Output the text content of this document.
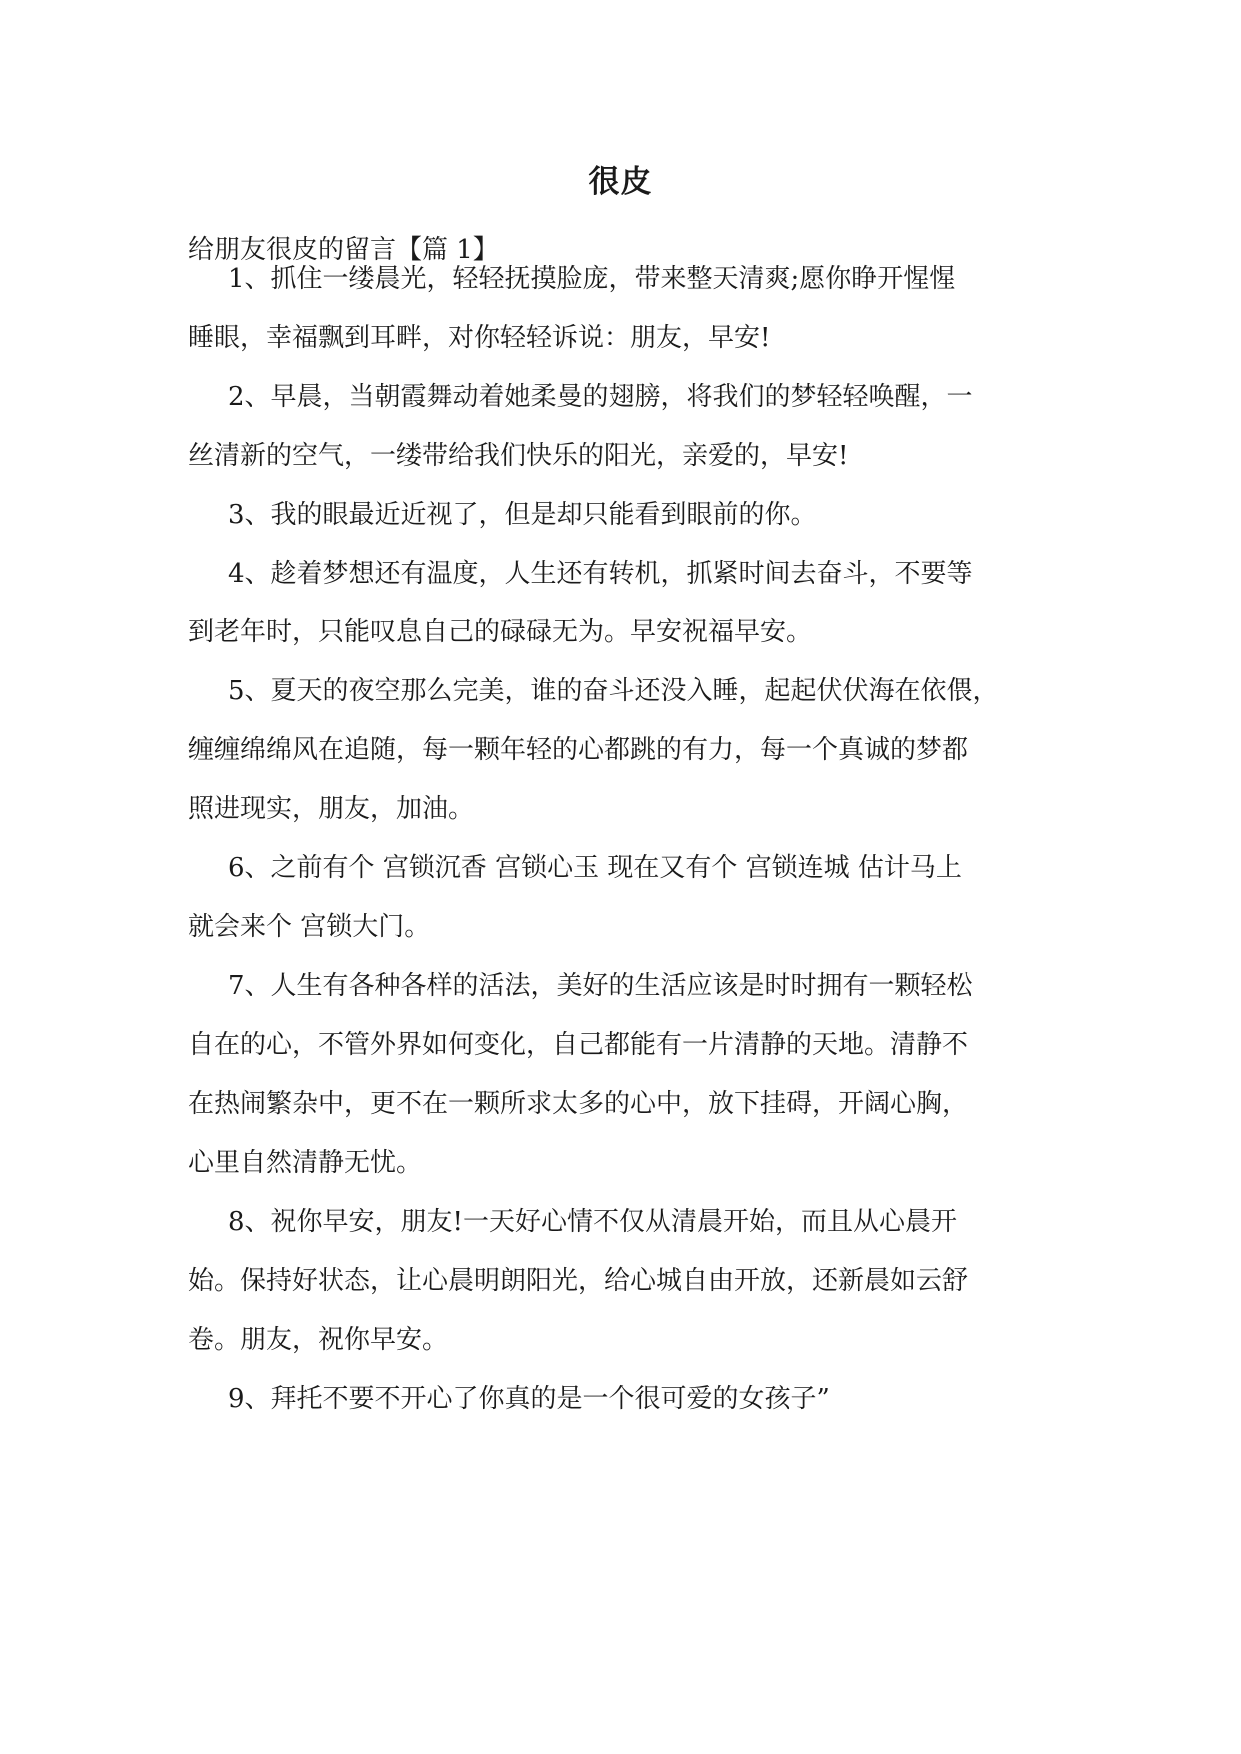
很皮
给朋友很皮的留言【篇 1】
1、抓住一缕晨光，轻轻抚摸脸庞，带来整天清爽;愿你睁开惺惺
睡眼，幸福飘到耳畔，对你轻轻诉说：朋友，早安!
2、早晨，当朝霞舞动着她柔曼的翅膀，将我们的梦轻轻唤醒，一
丝清新的空气，一缕带给我们快乐的阳光，亲爱的，早安!
3、我的眼最近近视了，但是却只能看到眼前的你。
4、趁着梦想还有温度，人生还有转机，抓紧时间去奋斗，不要等
到老年时，只能叹息自己的碌碌无为。早安祝福早安。
5、夏天的夜空那么完美，谁的奋斗还没入睡，起起伏伏海在依偎，
缠缠绵绵风在追随，每一颗年轻的心都跳的有力，每一个真诚的梦都
照进现实，朋友，加油。
6、之前有个 宫锁沉香 宫锁心玉 现在又有个 宫锁连城 估计马上
就会来个 宫锁大门。
7、人生有各种各样的活法，美好的生活应该是时时拥有一颗轻松
自在的心，不管外界如何变化，自己都能有一片清静的天地。清静不
在热闹繁杂中，更不在一颗所求太多的心中，放下挂碍，开阔心胸，
心里自然清静无忧。
8、祝你早安，朋友!一天好心情不仅从清晨开始，而且从心晨开
始。保持好状态，让心晨明朗阳光，给心城自由开放，还新晨如云舒
卷。朋友，祝你早安。
9、拜托不要不开心了你真的是一个很可爱的女孩子”
